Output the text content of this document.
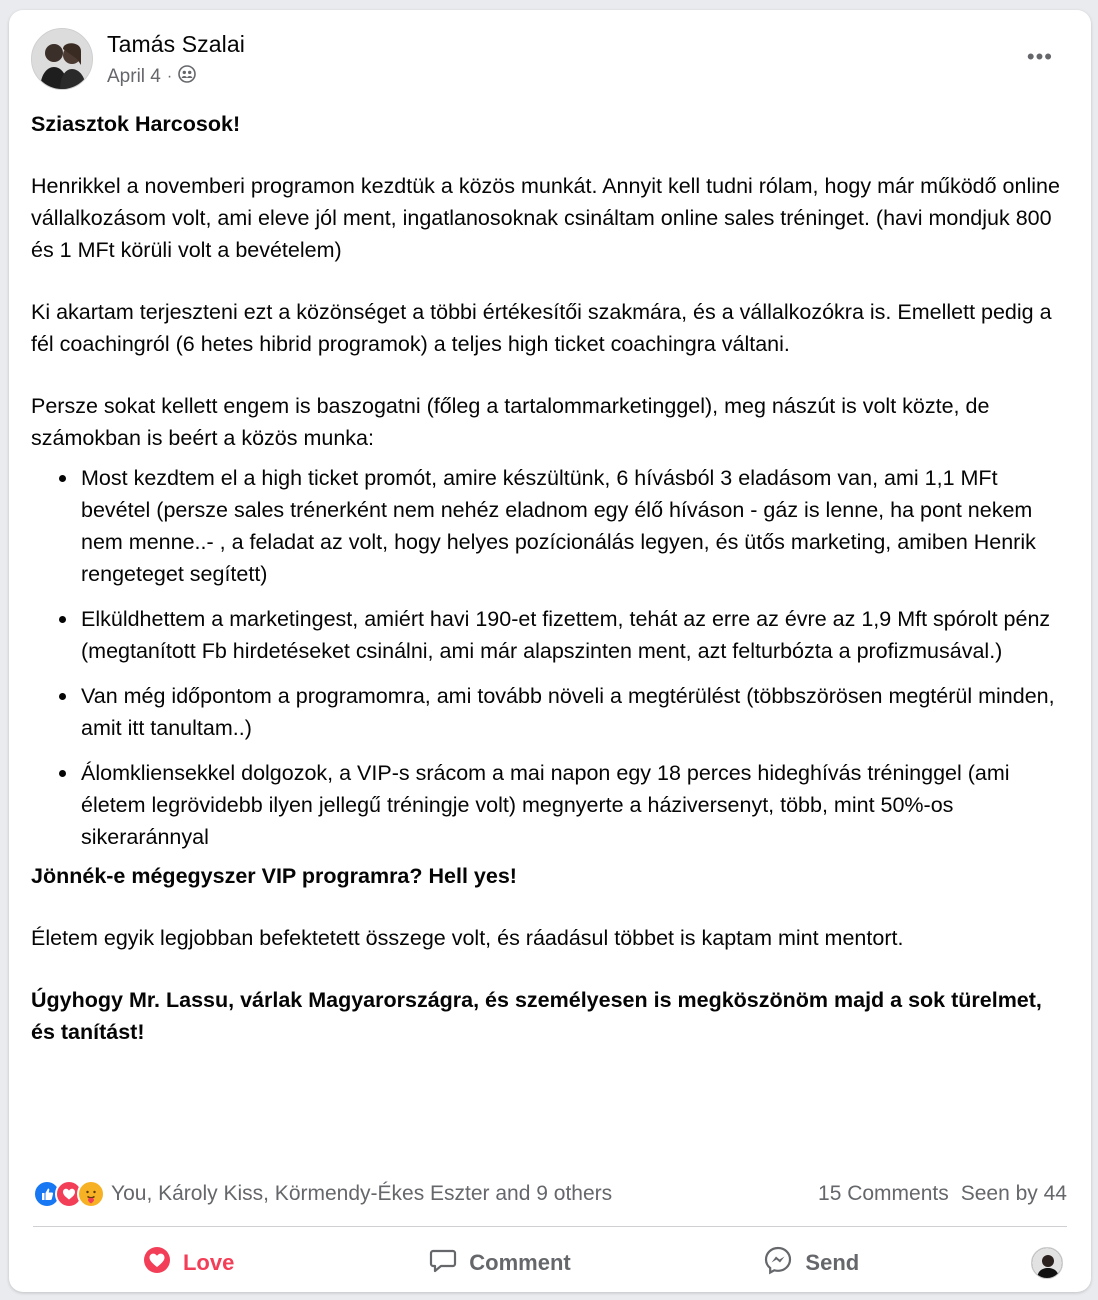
Tamás Szalai
April 4 ·
•••

Sziasztok Harcosok!

Henrikkel a novemberi programon kezdtük a közös munkát. Annyit kell tudni rólam, hogy már működő online vállalkozásom volt, ami eleve jól ment, ingatlanosoknak csináltam online sales tréninget. (havi mondjuk 800 és 1 MFt körüli volt a bevételem)

Ki akartam terjeszteni ezt a közönséget a többi értékesítői szakmára, és a vállalkozókra is. Emellett pedig a fél coachingról (6 hetes hibrid programok) a teljes high ticket coachingra váltani.

Persze sokat kellett engem is baszogatni (főleg a tartalommarketinggel), meg nászút is volt közte, de számokban is beért a közös munka:

Most kezdtem el a high ticket promót, amire készültünk, 6 hívásból 3 eladásom van, ami 1,1 MFt bevétel (persze sales trénerként nem nehéz eladnom egy élő híváson - gáz is lenne, ha pont nekem nem menne..- , a feladat az volt, hogy helyes pozícionálás legyen, és ütős marketing, amiben Henrik rengeteget segített)
Elküldhettem a marketingest, amiért havi 190-et fizettem, tehát az erre az évre az 1,9 Mft spórolt pénz (megtanított Fb hirdetéseket csinálni, ami már alapszinten ment, azt felturbózta a profizmusával.)
Van még időpontom a programomra, ami tovább növeli a megtérülést (többszörösen megtérül minden, amit itt tanultam..)
Álomkliensekkel dolgozok, a VIP-s srácom a mai napon egy 18 perces hideghívás tréninggel (ami életem legrövidebb ilyen jellegű tréningje volt) megnyerte a háziversenyt, több, mint 50%-os sikeraránnyal

Jönnék-e mégegyszer VIP programra? Hell yes!

Életem egyik legjobban befektetett összege volt, és ráadásul többet is kaptam mint mentort.

Úgyhogy Mr. Lassu, várlak Magyarországra, és személyesen is megköszönöm majd a sok türelmet, és tanítást!

You, Károly Kiss, Körmendy-Ékes Eszter and 9 others	15 Comments Seen by 44
Love	Comment	Send
